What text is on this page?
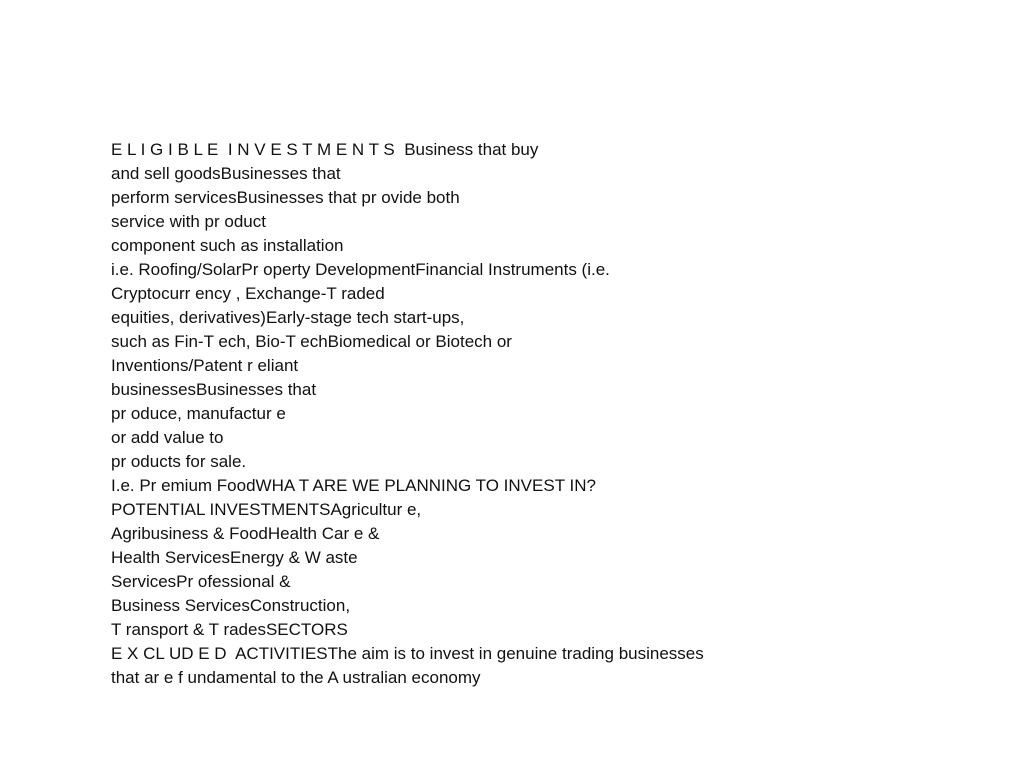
E L I G I B L E  I N V E S T M E N T S  Business that buy
and sell goodsBusinesses that
perform servicesBusinesses that pr ovide both
service with pr oduct
component such as installation
i.e. Roofing/SolarPr operty DevelopmentFinancial Instruments (i.e.
Cryptocurr ency , Exchange-T raded
equities, derivatives)Early-stage tech start-ups,
such as Fin-T ech, Bio-T echBiomedical or Biotech or
Inventions/Patent r eliant
businessesBusinesses that
pr oduce, manufactur e
or add value to
pr oducts for sale.
I.e. Pr emium FoodWHA T ARE WE PLANNING TO INVEST IN?
POTENTIAL INVESTMENTSAgricultur e,
Agribusiness & FoodHealth Car e &
Health ServicesEnergy & W aste
ServicesPr ofessional &
Business ServicesConstruction,
T ransport & T radesSECTORS
E X CL UD E D  ACTIVITIESThe aim is to invest in genuine trading businesses
that ar e f undamental to the A ustralian economy
